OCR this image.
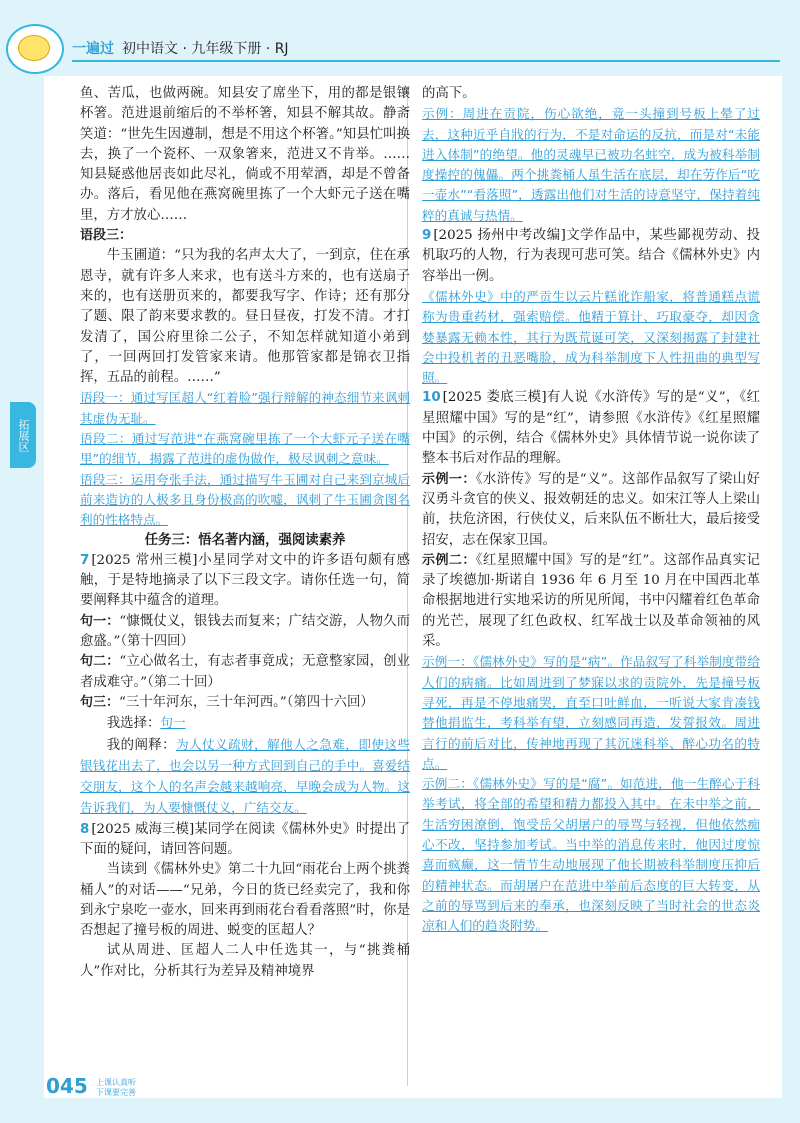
一遍过 初中语文 · 九年级下册 · RJ
拓展区

鱼、苦瓜，也做两碗。知县安了席坐下，用的都是银镶杯箸。范进退前缩后的不举杯箸，知县不解其故。静斋笑道：“世先生因遵制，想是不用这个杯箸。”知县忙叫换去，换了一个瓷杯、一双象箸来，范进又不肯举。……知县疑惑他居丧如此尽礼，倘或不用荤酒，却是不曾备办。落后，看见他在燕窝碗里拣了一个大虾元子送在嘴里，方才放心……

语段三：

牛玉圃道：“只为我的名声太大了，一到京，住在承恩寺，就有许多人来求，也有送斗方来的，也有送扇子来的，也有送册页来的，都要我写字、作诗；还有那分了题、限了韵来要求教的。昼日昼夜，打发不清。才打发清了，国公府里徐二公子，不知怎样就知道小弟到了，一回两回打发管家来请。他那管家都是锦衣卫指挥，五品的前程。……”

语段一：通过写匡超人“红着脸”强行辩解的神态细节来讽刺其虚伪无耻。

语段二：通过写范进“在燕窝碗里拣了一个大虾元子送在嘴里”的细节，揭露了范进的虚伪做作，极尽讽刺之意味。

语段三：运用夸张手法，通过描写牛玉圃对自己来到京城后前来造访的人极多且身份极高的吹嘘，讽刺了牛玉圃贪图名利的性格特点。

任务三：悟名著内涵，强阅读素养

7 [2025 常州三模]小星同学对文中的许多语句颇有感触，于是特地摘录了以下三段文字。请你任选一句，简要阐释其中蕴含的道理。

句一：“慷慨仗义，银钱去而复来；广结交游，人物久而愈盛。”（第十四回）

句二：“立心做名士，有志者事竟成；无意整家园，创业者成难守。”（第二十回）

句三：“三十年河东，三十年河西。”（第四十六回）

我选择：句一

我的阐释：为人仗义疏财，解他人之急难，即使这些银钱花出去了，也会以另一种方式回到自己的手中。喜爱结交朋友，这个人的名声会越来越响亮，早晚会成为人物。这告诉我们，为人要慷慨仗义，广结交友。

8 [2025 威海三模]某同学在阅读《儒林外史》时提出了下面的疑问，请回答问题。

当读到《儒林外史》第二十九回“雨花台上两个挑粪桶人”的对话——“兄弟，今日的货已经卖完了，我和你到永宁泉吃一壶水，回来再到雨花台看看落照”时，你是否想起了撞号板的周进、蜕变的匡超人？

试从周进、匡超人二人中任选其一，与“挑粪桶人”作对比，分析其行为差异及精神境界

的高下。

示例：周进在贡院，伤心欲绝，竟一头撞到号板上晕了过去，这种近乎自戕的行为，不是对命运的反抗，而是对“未能进入体制”的绝望。他的灵魂早已被功名蛀空，成为被科举制度操控的傀儡。两个挑粪桶人虽生活在底层，却在劳作后“吃一壶水”“看落照”，透露出他们对生活的诗意坚守，保持着纯粹的真诚与热情。

9 [2025 扬州中考改编]文学作品中，某些鄙视劳动、投机取巧的人物，行为表现可悲可笑。结合《儒林外史》内容举出一例。

《儒林外史》中的严贡生以云片糕讹诈船家，将普通糕点谎称为贵重药材，强索赔偿。他精于算计、巧取豪夺，却因贪婪暴露无赖本性，其行为既荒诞可笑，又深刻揭露了封建社会中投机者的丑恶嘴脸，成为科举制度下人性扭曲的典型写照。

10 [2025 娄底三模]有人说《水浒传》写的是“义”，《红星照耀中国》写的是“红”，请参照《水浒传》《红星照耀中国》的示例，结合《儒林外史》具体情节说一说你读了整本书后对作品的理解。

示例一：《水浒传》写的是“义”。这部作品叙写了梁山好汉勇斗贪官的侠义、报效朝廷的忠义。如宋江等人上梁山前，扶危济困，行侠仗义，后来队伍不断壮大，最后接受招安，志在保家卫国。

示例二：《红星照耀中国》写的是“红”。这部作品真实记录了埃德加·斯诺自 1936 年 6 月至 10 月在中国西北革命根据地进行实地采访的所见所闻，书中闪耀着红色革命的光芒，展现了红色政权、红军战士以及革命领袖的风采。

示例一：《儒林外史》写的是“病”。作品叙写了科举制度带给人们的病痛。比如周进到了梦寐以求的贡院外，先是撞号板寻死，再是不停地痛哭，直至口吐鲜血，一听说大家肯凑钱替他捐监生，考科举有望，立刻感同再造，发誓报效。周进言行的前后对比，传神地再现了其沉迷科举、醉心功名的特点。

示例二：《儒林外史》写的是“腐”。如范进，他一生醉心于科举考试，将全部的希望和精力都投入其中。在未中举之前，生活穷困潦倒，饱受岳父胡屠户的辱骂与轻视，但他依然痴心不改，坚持参加考试。当中举的消息传来时，他因过度惊喜而疯癫，这一情节生动地展现了他长期被科举制度压抑后的精神状态。而胡屠户在范进中举前后态度的巨大转变，从之前的辱骂到后来的奉承，也深刻反映了当时社会的世态炎凉和人们的趋炎附势。

045 上课认真听
下课要完善
